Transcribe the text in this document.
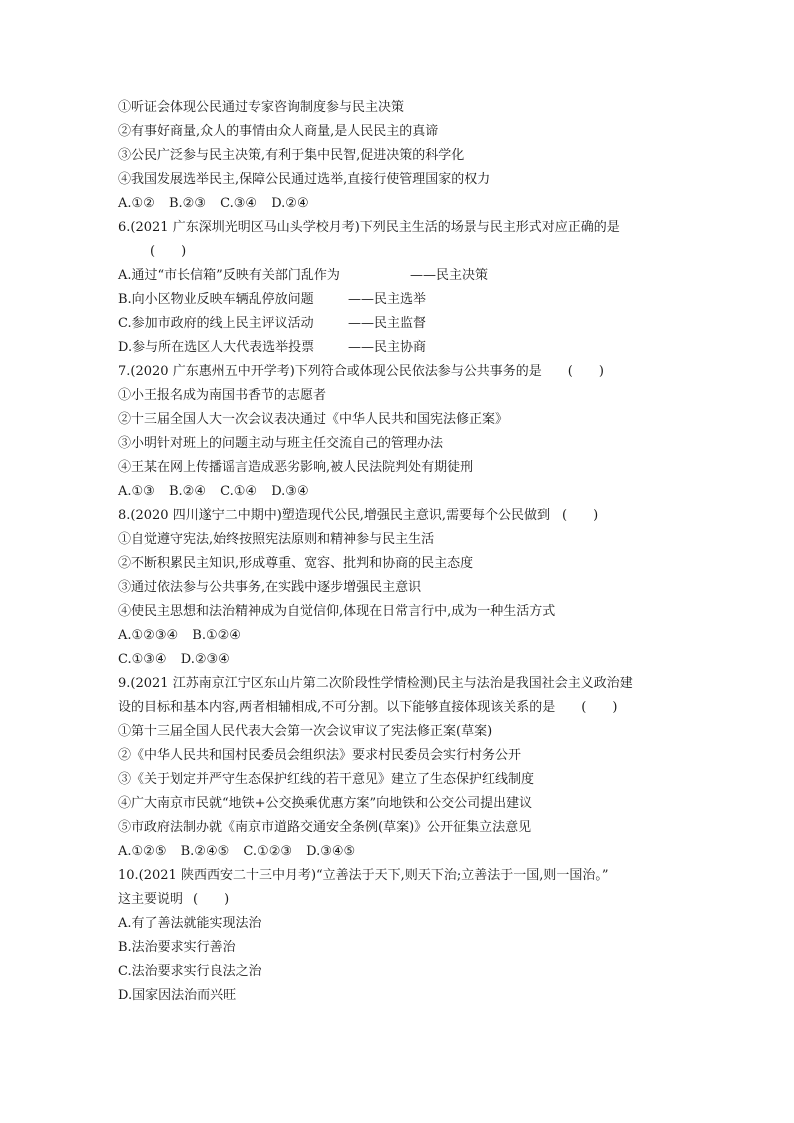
①听证会体现公民通过专家咨询制度参与民主决策
②有事好商量,众人的事情由众人商量,是人民民主的真谛
③公民广泛参与民主决策,有利于集中民智,促进决策的科学化
④我国发展选举民主,保障公民通过选举,直接行使管理国家的权力
A.①② B.②③ C.③④ D.②④
6.(2021 广东深圳光明区马山头学校月考)下列民主生活的场景与民主形式对应正确的是
(　　)
A.通过“市长信箱”反映有关部门乱作为	——民主决策
B.向小区物业反映车辆乱停放问题	——民主选举
C.参加市政府的线上民主评议活动	——民主监督
D.参与所在选区人大代表选举投票	——民主协商
7.(2020 广东惠州五中开学考)下列符合或体现公民依法参与公共事务的是 (　　)
①小王报名成为南国书香节的志愿者
②十三届全国人大一次会议表决通过《中华人民共和国宪法修正案》
③小明针对班上的问题主动与班主任交流自己的管理办法
④王某在网上传播谣言造成恶劣影响,被人民法院判处有期徒刑
A.①③ B.②④ C.①④ D.③④
8.(2020 四川遂宁二中期中)塑造现代公民,增强民主意识,需要每个公民做到 (　　)
①自觉遵守宪法,始终按照宪法原则和精神参与民主生活
②不断积累民主知识,形成尊重、宽容、批判和协商的民主态度
③通过依法参与公共事务,在实践中逐步增强民主意识
④使民主思想和法治精神成为自觉信仰,体现在日常言行中,成为一种生活方式
A.①②③④ B.①②④
C.①③④ D.②③④
9.(2021 江苏南京江宁区东山片第二次阶段性学情检测)民主与法治是我国社会主义政治建
设的目标和基本内容,两者相辅相成,不可分割。以下能够直接体现该关系的是 (　　)
①第十三届全国人民代表大会第一次会议审议了宪法修正案(草案)
②《中华人民共和国村民委员会组织法》要求村民委员会实行村务公开
③《关于划定并严守生态保护红线的若干意见》建立了生态保护红线制度
④广大南京市民就“地铁+公交换乘优惠方案”向地铁和公交公司提出建议
⑤市政府法制办就《南京市道路交通安全条例(草案)》公开征集立法意见
A.①②⑤ B.②④⑤ C.①②③ D.③④⑤
10.(2021 陕西西安二十三中月考)“立善法于天下,则天下治;立善法于一国,则一国治。”
这主要说明 (　　)
A.有了善法就能实现法治
B.法治要求实行善治
C.法治要求实行良法之治
D.国家因法治而兴旺
